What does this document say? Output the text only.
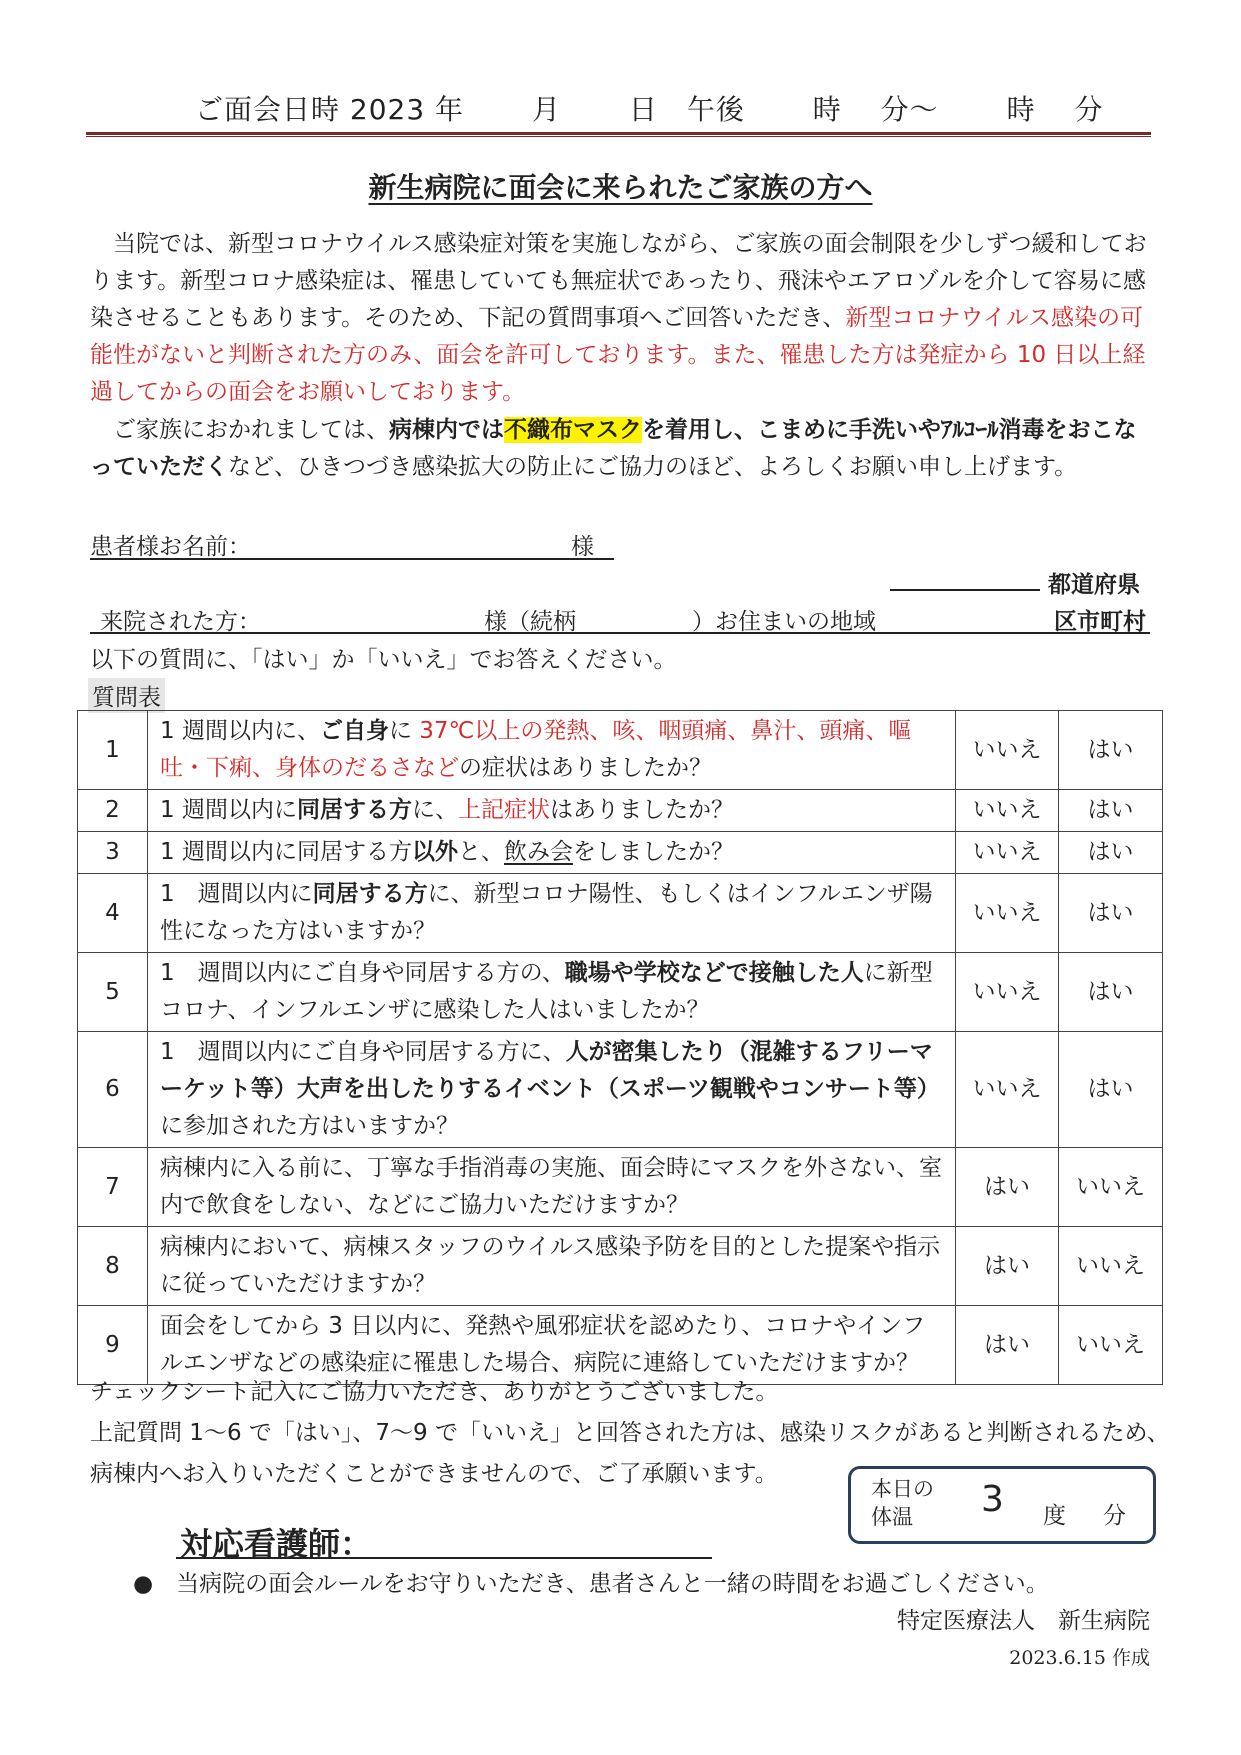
ご面会日時 2023 年　　 月　　 日　午後　　 時　 分～　　 時　 分
新生病院に面会に来られたご家族の方へ
当院では、新型コロナウイルス感染症対策を実施しながら、ご家族の面会制限を少しずつ緩和しております。新型コロナ感染症は、罹患していても無症状であったり、飛沫やエアロゾルを介して容易に感染させることもあります。そのため、下記の質問事項へご回答いただき、新型コロナウイルス感染の可能性がないと判断された方のみ、面会を許可しております。また、罹患した方は発症から 10 日以上経過してからの面会をお願いしております。
ご家族におかれましては、病棟内では不織布マスクを着用し、こまめに手洗いやｱﾙｺｰﾙ消毒をおこなっていただくなど、ひきつづき感染拡大の防止にご協力のほど、よろしくお願い申し上げます。
患者様お名前：	様
都道府県
来院された方：	様（続柄	）お住まいの地域	区市町村
以下の質問に、「はい」か「いいえ」でお答えください。
質問表
1	1 週間以内に、ご自身に 37℃以上の発熱、咳、咽頭痛、鼻汁、頭痛、嘔吐・下痢、身体のだるさなどの症状はありましたか？	いいえ	はい
2	1 週間以内に同居する方に、上記症状はありましたか？	いいえ	はい
3	1 週間以内に同居する方以外と、飲み会をしましたか？	いいえ	はい
4	1　週間以内に同居する方に、新型コロナ陽性、もしくはインフルエンザ陽性になった方はいますか？	いいえ	はい
5	1　週間以内にご自身や同居する方の、職場や学校などで接触した人に新型コロナ、インフルエンザに感染した人はいましたか？	いいえ	はい
6	1　週間以内にご自身や同居する方に、人が密集したり（混雑するフリーマーケット等）大声を出したりするイベント（スポーツ観戦やコンサート等）に参加された方はいますか？	いいえ	はい
7	病棟内に入る前に、丁寧な手指消毒の実施、面会時にマスクを外さない、室内で飲食をしない、などにご協力いただけますか？	はい	いいえ
8	病棟内において、病棟スタッフのウイルス感染予防を目的とした提案や指示に従っていただけますか？	はい	いいえ
9	面会をしてから 3 日以内に、発熱や風邪症状を認めたり、コロナやインフルエンザなどの感染症に罹患した場合、病院に連絡していただけますか？	はい	いいえ
チェックシート記入にご協力いただき、ありがとうございました。
上記質問 1～6 で「はい」、7～9 で「いいえ」と回答された方は、感染リスクがあると判断されるため、
病棟内へお入りいただくことができませんので、ご了承願います。
本日の
体温	3 度 分
対応看護師：
●　当病院の面会ルールをお守りいただき、患者さんと一緒の時間をお過ごしください。
特定医療法人　新生病院
2023.6.15 作成
